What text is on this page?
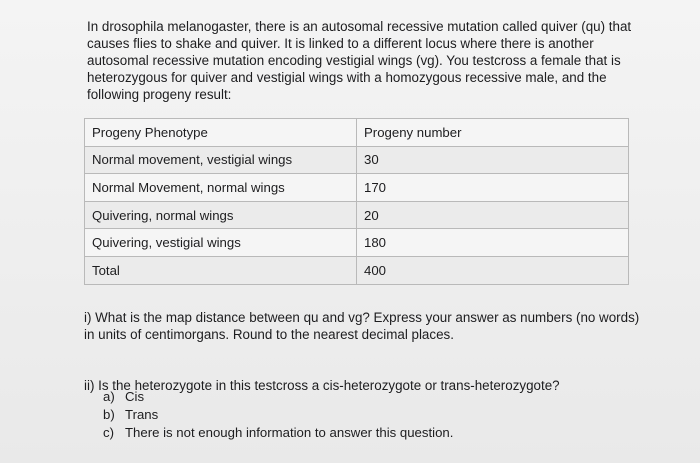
In drosophila melanogaster, there is an autosomal recessive mutation called quiver (qu) that causes flies to shake and quiver. It is linked to a different locus where there is another autosomal recessive mutation encoding vestigial wings (vg). You testcross a female that is heterozygous for quiver and vestigial wings with a homozygous recessive male, and the following progeny result:

Progeny Phenotype	Progeny number
Normal movement, vestigial wings	30
Normal Movement, normal wings	170
Quivering, normal wings	20
Quivering, vestigial wings	180
Total	400

i) What is the map distance between qu and vg? Express your answer as numbers (no words) in units of centimorgans. Round to the nearest decimal places.

ii) Is the heterozygote in this testcross a cis-heterozygote or trans-heterozygote?

a) Cis
b) Trans
c) There is not enough information to answer this question.
